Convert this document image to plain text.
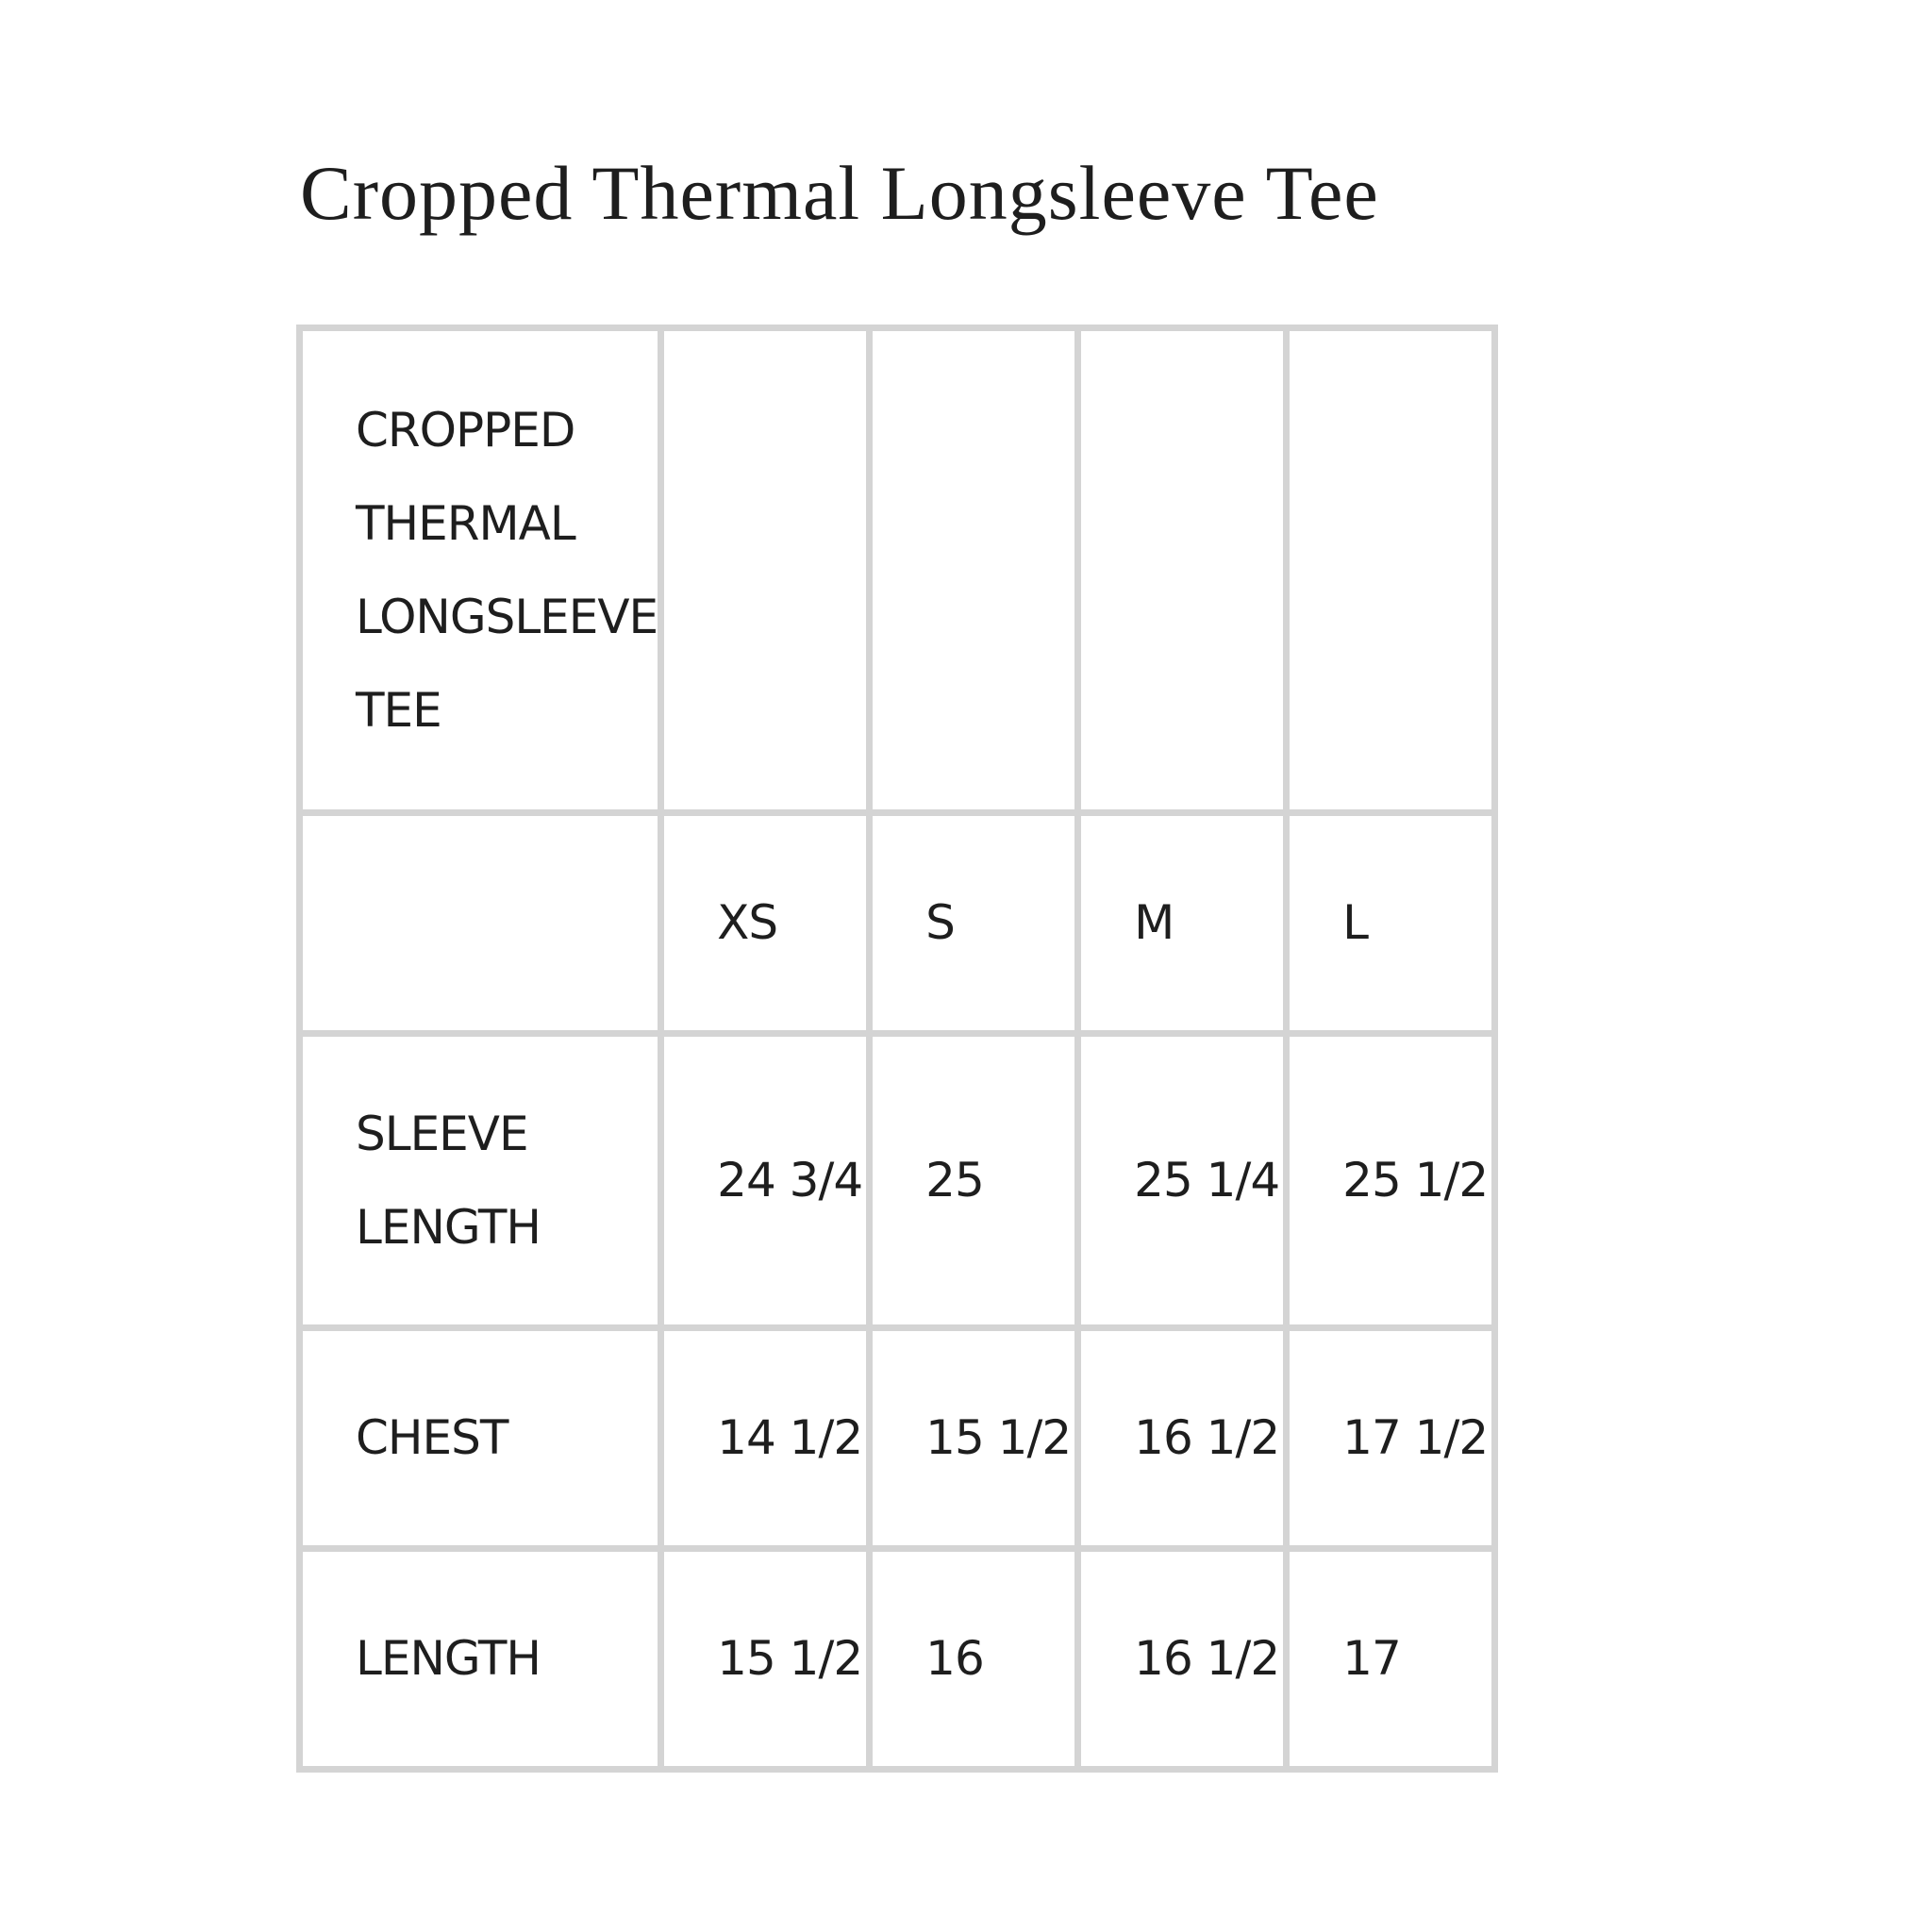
Cropped Thermal Longsleeve Tee
CROPPED
THERMAL
LONGSLEEVE
TEE				

	XS	S	M	L

SLEEVE
LENGTH	24 3/4	25	25 1/4	25 1/2
CHEST	14 1/2	15 1/2	16 1/2	17 1/2
LENGTH	15 1/2	16	16 1/2	17
